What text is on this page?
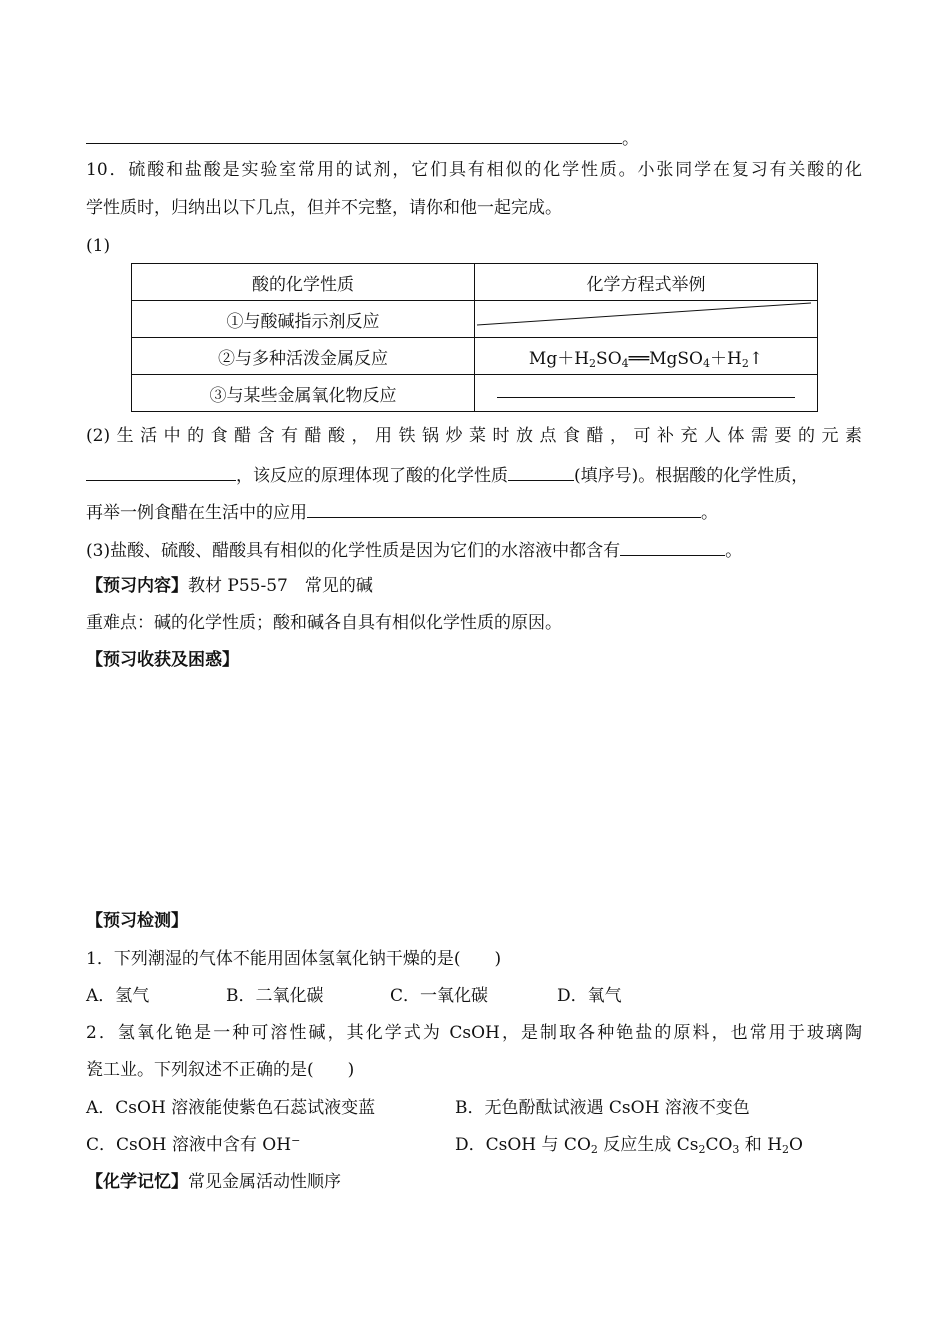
。
10．硫酸和盐酸是实验室常用的试剂，它们具有相似的化学性质。小张同学在复习有关酸的化
学性质时，归纳出以下几点，但并不完整，请你和他一起完成。
(1)
酸的化学性质	化学方程式举例
①与酸碱指示剂反应	

②与多种活泼金属反应	$Mg+H_2SO_4══MgSO_4+H_2↑$
③与某些金属氧化物反应	
(2)生活中的食醋含有醋酸，用铁锅炒菜时放点食醋，可补充人体需要的元素
，该反应的原理体现了酸的化学性质	(填序号)。根据酸的化学性质，
再举一例食醋在生活中的应用	。
(3)盐酸、硫酸、醋酸具有相似的化学性质是因为它们的水溶液中都含有	。
【预习内容】教材 P55-57　常见的碱
重难点：碱的化学性质；酸和碱各自具有相似化学性质的原因。
【预习收获及困惑】
【预习检测】
1．下列潮湿的气体不能用固体氢氧化钠干燥的是(　　)
A．氢气	B．二氧化碳	C．一氧化碳	D．氧气
2．氢氧化铯是一种可溶性碱，其化学式为 CsOH，是制取各种铯盐的原料，也常用于玻璃陶
瓷工业。下列叙述不正确的是(　　)
A．CsOH 溶液能使紫色石蕊试液变蓝	B．无色酚酞试液遇 CsOH 溶液不变色
C．CsOH 溶液中含有 OH−	D．CsOH 与 $CO_2$ 反应生成 $Cs_2CO_3$ 和 $H_2O$
【化学记忆】常见金属活动性顺序
